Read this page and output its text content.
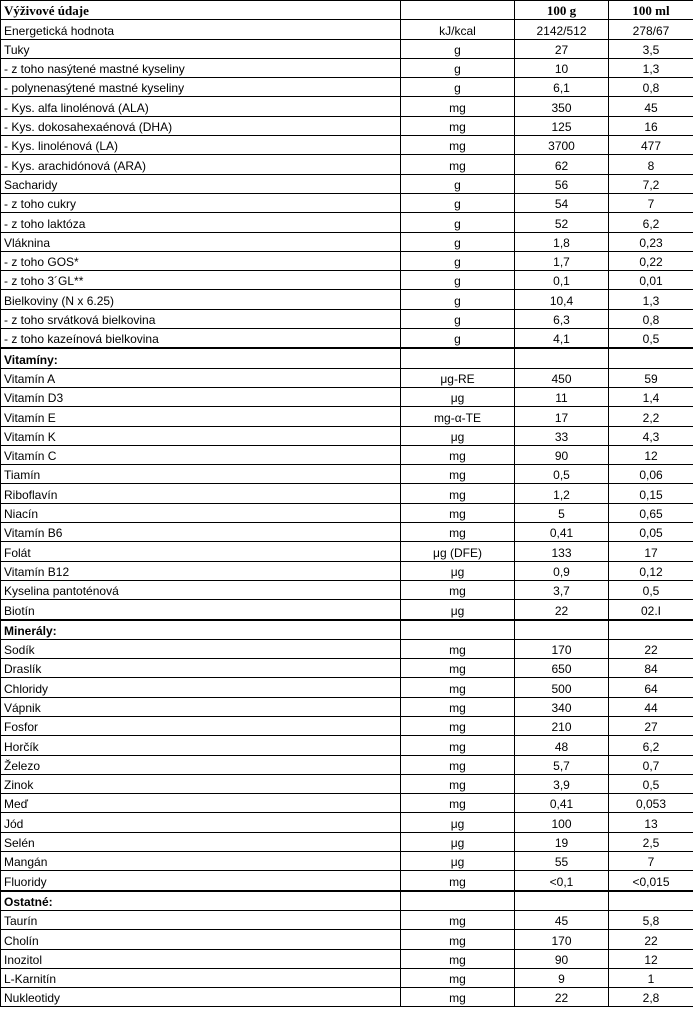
Výživové údaje		100 g	100 ml
Energetická hodnota	kJ/kcal	2142/512	278/67
Tuky	g	27	3,5
- z toho nasýtené mastné kyseliny	g	10	1,3
- polynenasýtené mastné kyseliny	g	6,1	0,8
- Kys. alfa linolénová (ALA)	mg	350	45
- Kys. dokosahexaénová (DHA)	mg	125	16
- Kys. linolénová (LA)	mg	3700	477
- Kys. arachidónová (ARA)	mg	62	8
Sacharidy	g	56	7,2
- z toho cukry	g	54	7
- z toho laktóza	g	52	6,2
Vláknina	g	1,8	0,23
- z toho GOS*	g	1,7	0,22
- z toho 3´GL**	g	0,1	0,01
Bielkoviny (N x 6.25)	g	10,4	1,3
- z toho srvátková bielkovina	g	6,3	0,8
- z toho kazeínová bielkovina	g	4,1	0,5
Vitamíny:			
Vitamín A	μg-RE	450	59
Vitamín D3	μg	11	1,4
Vitamín E	mg-α-TE	17	2,2
Vitamín K	μg	33	4,3
Vitamín C	mg	90	12
Tiamín	mg	0,5	0,06
Riboflavín	mg	1,2	0,15
Niacín	mg	5	0,65
Vitamín B6	mg	0,41	0,05
Folát	μg (DFE)	133	17
Vitamín B12	μg	0,9	0,12
Kyselina pantoténová	mg	3,7	0,5
Biotín	μg	22	02.I
Minerály:			
Sodík	mg	170	22
Draslík	mg	650	84
Chloridy	mg	500	64
Vápnik	mg	340	44
Fosfor	mg	210	27
Horčík	mg	48	6,2
Železo	mg	5,7	0,7
Zinok	mg	3,9	0,5
Meď	mg	0,41	0,053
Jód	μg	100	13
Selén	μg	19	2,5
Mangán	μg	55	7
Fluoridy	mg	<0,1	<0,015
Ostatné:			
Taurín	mg	45	5,8
Cholín	mg	170	22
Inozitol	mg	90	12
L-Karnitín	mg	9	1
Nukleotidy	mg	22	2,8
